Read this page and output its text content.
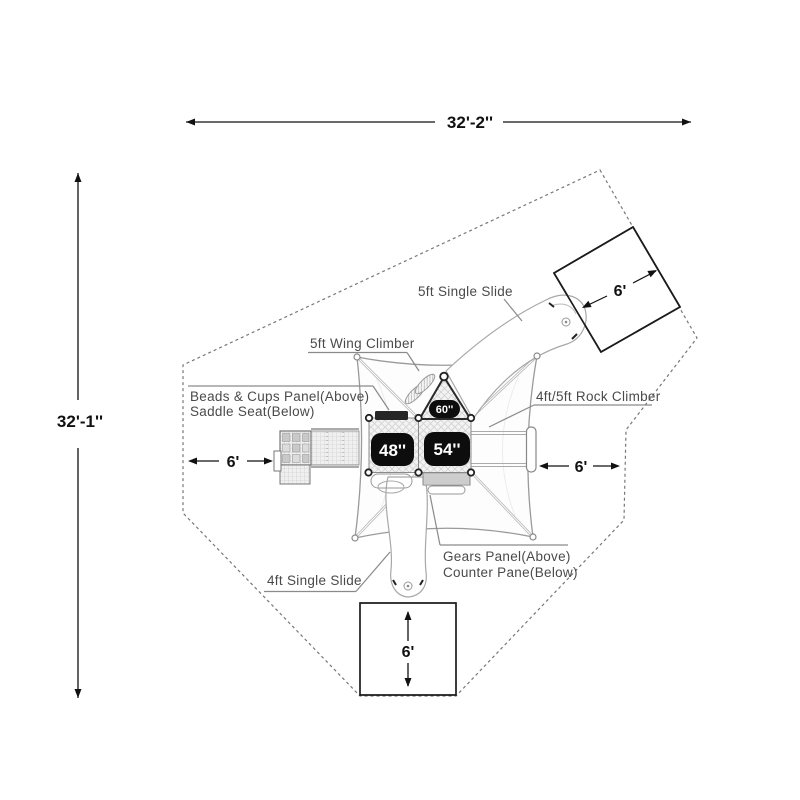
6'
32'-2''
32'-1''
6'	6'
48'' 54''
60''
6'
5ft Single Slide
5ft Wing Climber
Beads & Cups Panel(Above)
Saddle Seat(Below)
4ft/5ft Rock Climber
Gears Panel(Above)
Counter Pane(Below)
4ft Single Slide
